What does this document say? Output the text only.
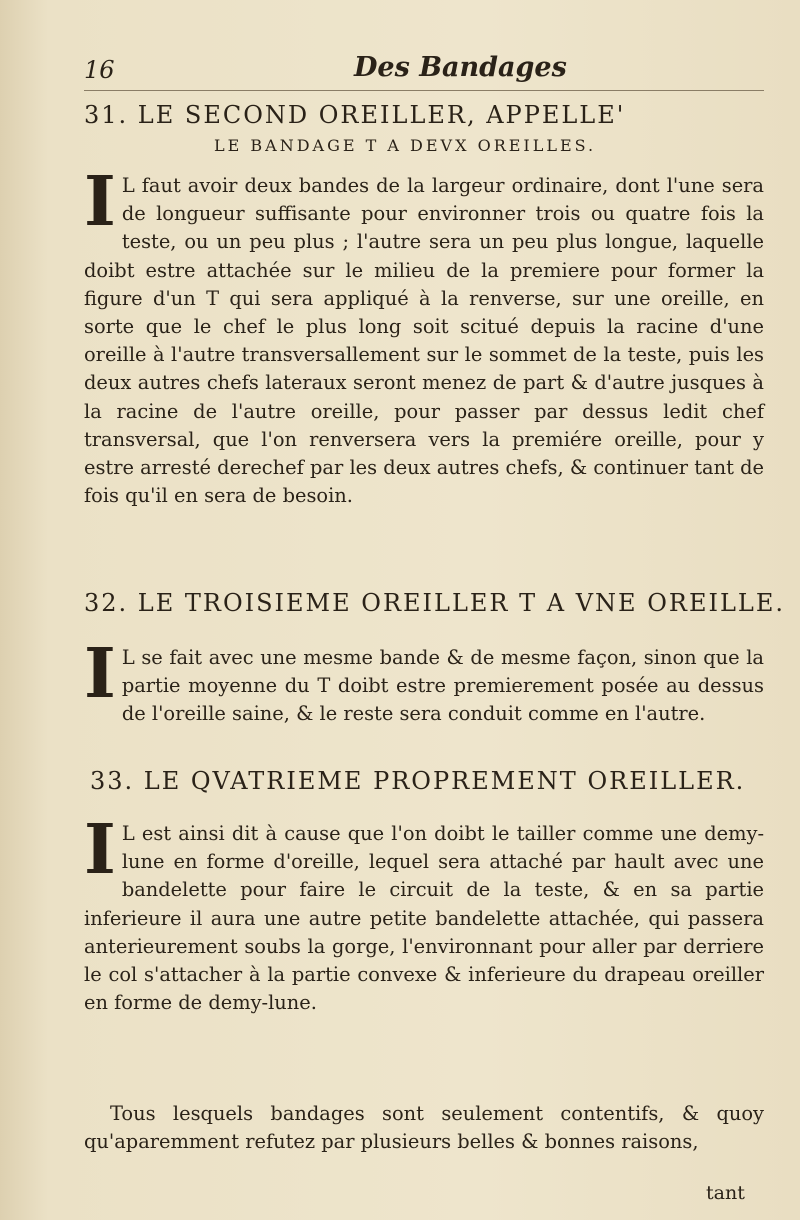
16	Des Bandages
31. LE SECOND OREILLER, APPELLE'
LE BANDAGE T A DEVX OREILLES.

I L faut avoir deux bandes de la largeur ordinaire, dont l'une sera de longueur suffisante pour environner trois ou quatre fois la teste, ou un peu plus ; l'autre sera un peu plus longue, laquelle doibt estre attachée sur le milieu de la premiere pour former la figure d'un T qui sera appliqué à la renverse, sur une oreille, en sorte que le chef le plus long soit scitué depuis la racine d'une oreille à l'autre transversallement sur le sommet de la teste, puis les deux autres chefs lateraux seront menez de part & d'autre jusques à la racine de l'autre oreille, pour passer par dessus ledit chef transversal, que l'on renversera vers la premiére oreille, pour y estre arresté derechef par les deux autres chefs, & continuer tant de fois qu'il en sera de besoin.

32. LE TROISIEME OREILLER T A VNE OREILLE.

I L se fait avec une mesme bande & de mesme façon, sinon que la partie moyenne du T doibt estre premierement posée au dessus de l'oreille saine, & le reste sera conduit comme en l'autre.

33. LE QVATRIEME PROPREMENT OREILLER.

I L est ainsi dit à cause que l'on doibt le tailler comme une demy-lune en forme d'oreille, lequel sera attaché par hault avec une bandelette pour faire le circuit de la teste, & en sa partie inferieure il aura une autre petite bandelette attachée, qui passera anterieurement soubs la gorge, l'environnant pour aller par derriere le col s'attacher à la partie convexe & inferieure du drapeau oreiller en forme de demy-lune.

Tous lesquels bandages sont seulement contentifs, & quoy qu'aparemment refutez par plusieurs belles & bonnes raisons,

tant
